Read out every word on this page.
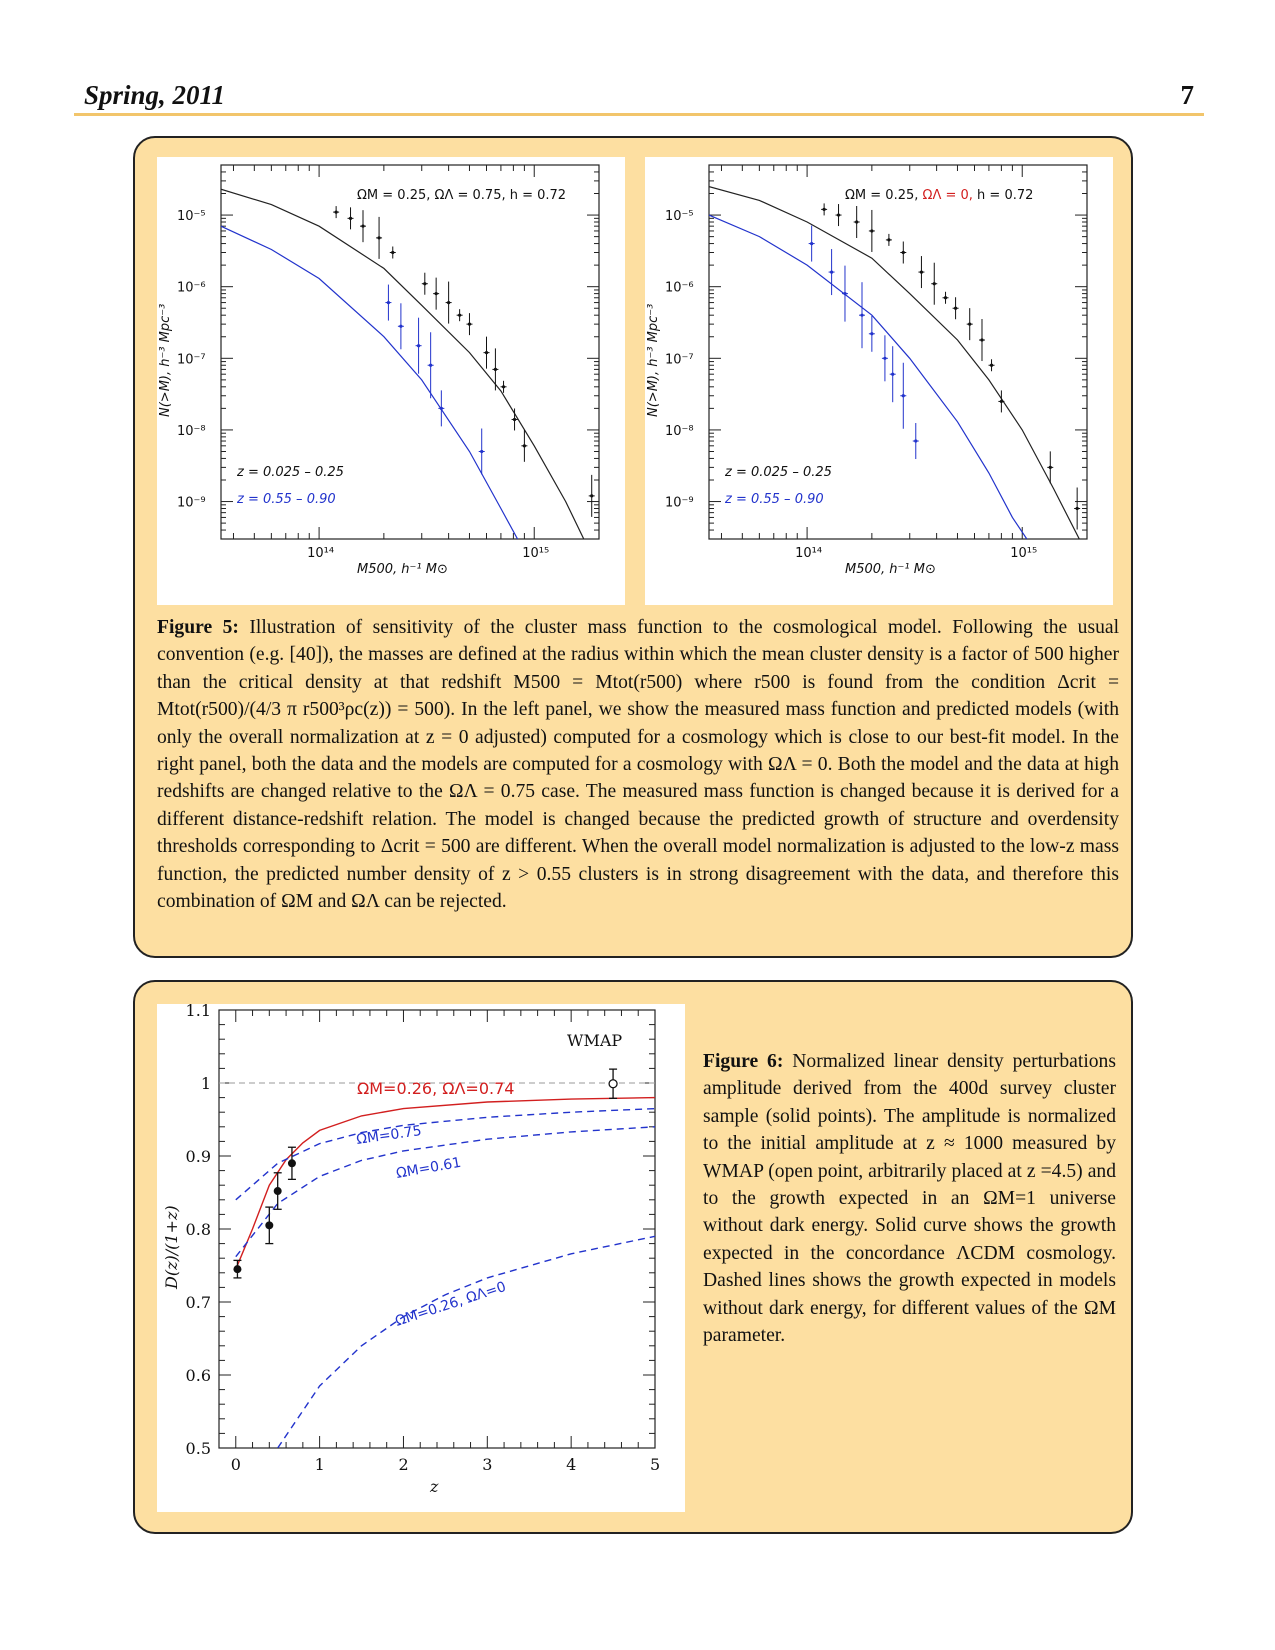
Spring, 2011	7
10¹⁴	10¹⁵
10⁻⁵
10⁻⁶
10⁻⁷
10⁻⁸
10⁻⁹
M500, h⁻¹ M⊙
N(>M), h⁻³ Mpc⁻³
ΩM = 0.25, ΩΛ = 0.75, h = 0.72
z = 0.025 – 0.25
z = 0.55 – 0.90
10¹⁴	10¹⁵
10⁻⁵
10⁻⁶
10⁻⁷
10⁻⁸
10⁻⁹
M500, h⁻¹ M⊙
N(>M), h⁻³ Mpc⁻³
ΩM = 0.25, ΩΛ = 0, h = 0.72
z = 0.025 – 0.25
z = 0.55 – 0.90

Figure 5: Illustration of sensitivity of the cluster mass function to the cosmological model. Following the usual convention (e.g. [40]), the masses are defined at the radius within which the mean cluster density is a factor of 500 higher than the critical density at that redshift M500 = Mtot(r500) where r500 is found from the condition Δcrit = Mtot(r500)/(4/3 π r500³ρc(z)) = 500). In the left panel, we show the measured mass function and predicted models (with only the overall normalization at z = 0 adjusted) computed for a cosmology which is close to our best-fit model. In the right panel, both the data and the models are computed for a cosmology with ΩΛ = 0. Both the model and the data at high redshifts are changed relative to the ΩΛ = 0.75 case. The measured mass function is changed because it is derived for a different distance-redshift relation. The model is changed because the predicted growth of structure and overdensity thresholds corresponding to Δcrit = 500 are different. When the overall model normalization is adjusted to the low-z mass function, the predicted number density of z > 0.55 clusters is in strong disagreement with the data, and therefore this combination of ΩM and ΩΛ can be rejected.

0	1	2	3	4	5
0.5
0.6
0.7
0.8
0.9
1
1.1
z
D(z)/(1+z)
WMAP
ΩM=0.26, ΩΛ=0.74
ΩM=0.75
ΩM=0.61
ΩM=0.26, ΩΛ=0

Figure 6: Normalized linear density perturbations amplitude derived from the 400d survey cluster sample (solid points). The amplitude is normalized to the initial amplitude at z ≈ 1000 measured by WMAP (open point, arbitrarily placed at z =4.5) and to the growth expected in an ΩM=1 universe without dark energy. Solid curve shows the growth expected in the concordance ΛCDM cosmology. Dashed lines shows the growth expected in models without dark energy, for different values of the ΩM parameter.
